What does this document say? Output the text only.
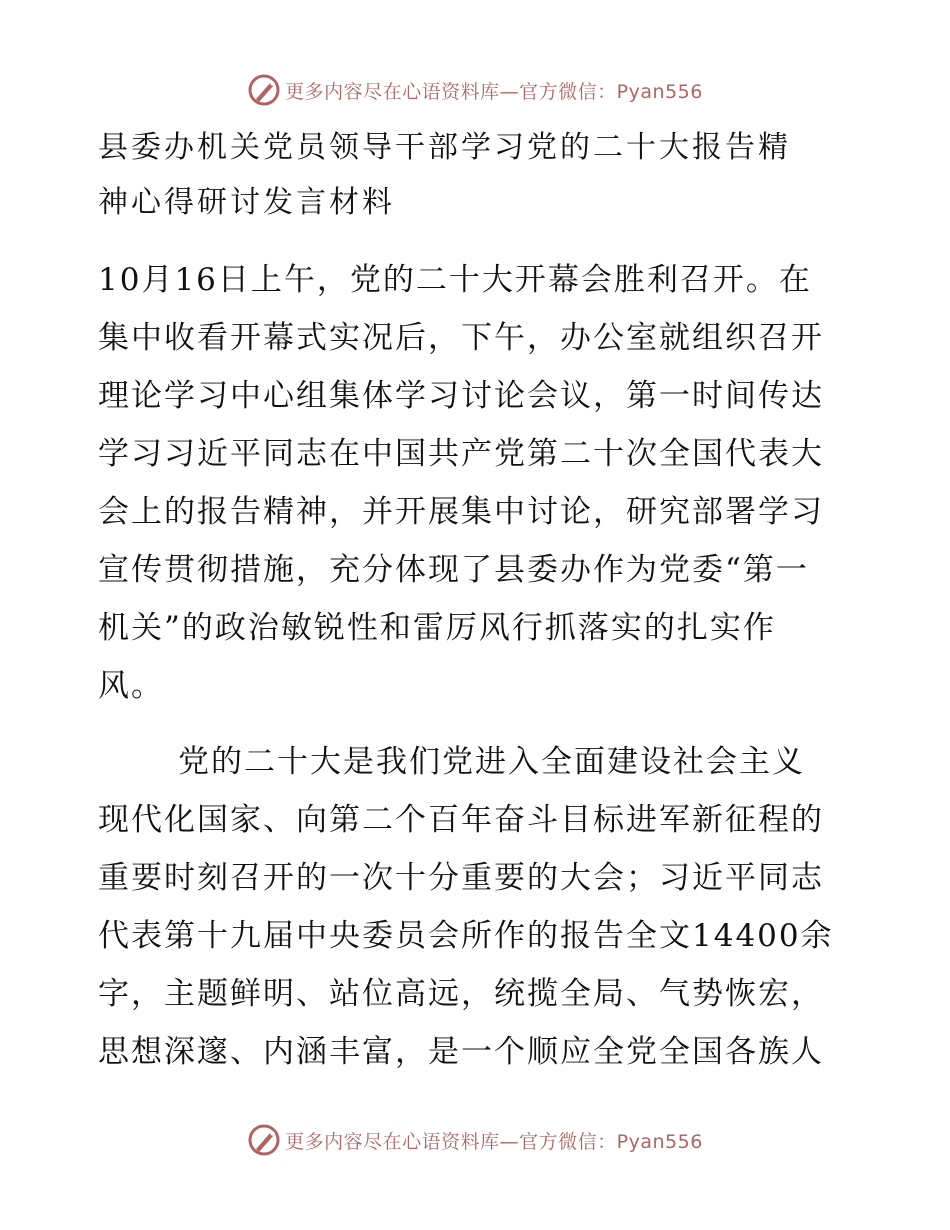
更多内容尽在心语资料库—官方微信：Pyan556
县委办机关党员领导干部学习党的二十大报告精
神心得研讨发言材料
10月16日上午，党的二十大开幕会胜利召开。在
集中收看开幕式实况后，下午，办公室就组织召开
理论学习中心组集体学习讨论会议，第一时间传达
学习习近平同志在中国共产党第二十次全国代表大
会上的报告精神，并开展集中讨论，研究部署学习
宣传贯彻措施，充分体现了县委办作为党委“第一
机关”的政治敏锐性和雷厉风行抓落实的扎实作
风。
党的二十大是我们党进入全面建设社会主义
现代化国家、向第二个百年奋斗目标进军新征程的
重要时刻召开的一次十分重要的大会；习近平同志
代表第十九届中央委员会所作的报告全文14400余
字，主题鲜明、站位高远，统揽全局、气势恢宏，
思想深邃、内涵丰富，是一个顺应全党全国各族人
更多内容尽在心语资料库—官方微信：Pyan556
